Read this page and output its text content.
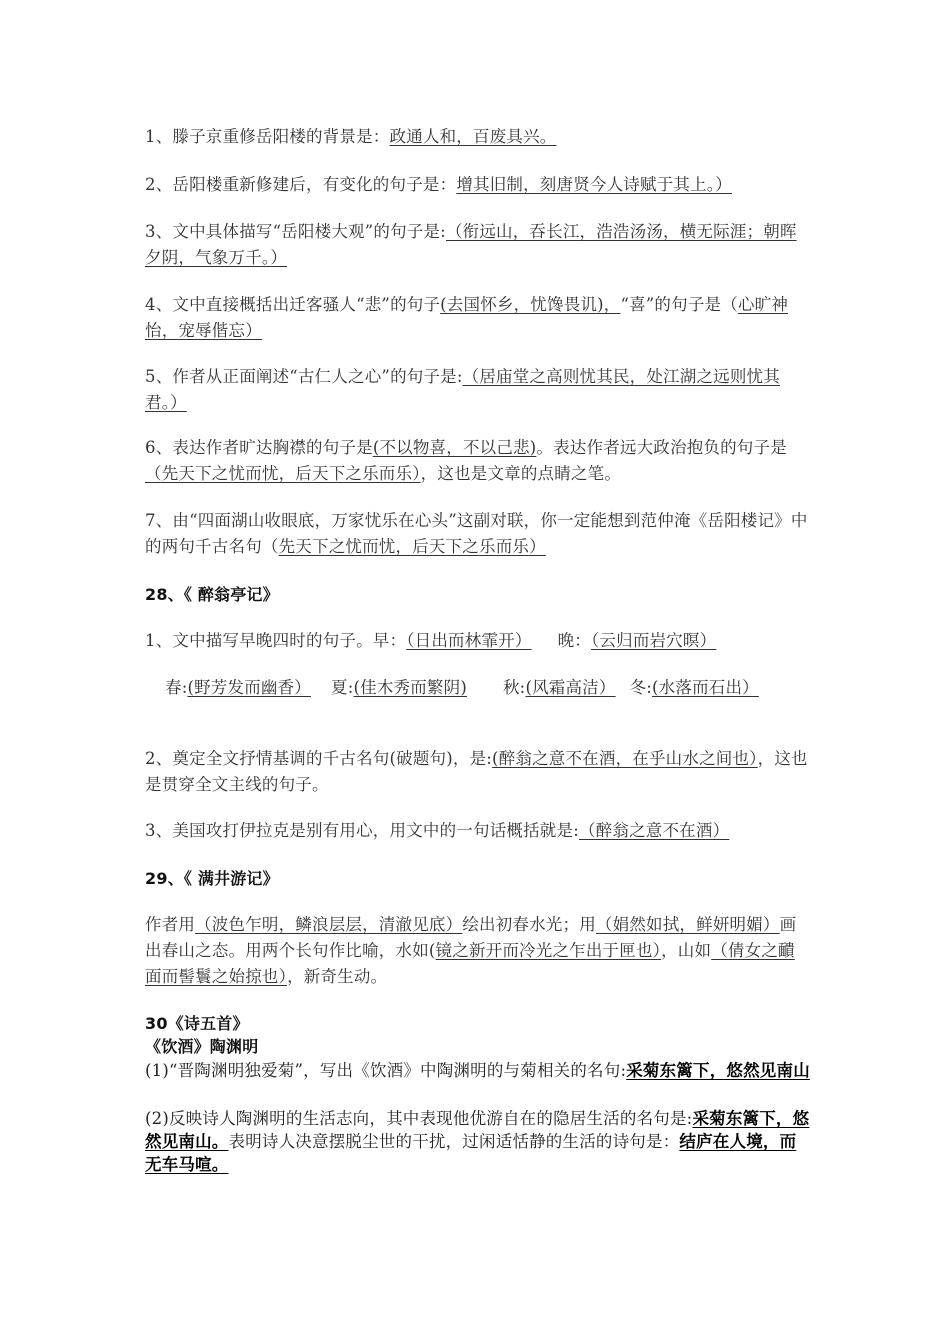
1、滕子京重修岳阳楼的背景是：政通人和，百废具兴。

2、岳阳楼重新修建后，有变化的句子是：增其旧制，刻唐贤今人诗赋于其上。）

3、文中具体描写“岳阳楼大观”的句子是:（衔远山，吞长江，浩浩汤汤，横无际涯；朝晖夕阴，气象万千。）

4、文中直接概括出迁客骚人“悲”的句子(去国怀乡，忧馋畏讥)，“喜”的句子是（心旷神怡，宠辱偕忘）

5、作者从正面阐述“古仁人之心”的句子是:（居庙堂之高则忧其民，处江湖之远则忧其君。）

6、表达作者旷达胸襟的句子是(不以物喜，不以己悲)。表达作者远大政治抱负的句子是（先天下之忧而忧，后天下之乐而乐），这也是文章的点睛之笔。

7、由“四面湖山收眼底，万家忧乐在心头”这副对联，你一定能想到范仲淹《岳阳楼记》中的两句千古名句（先天下之忧而忧，后天下之乐而乐）

28、《 醉翁亭记》

1、文中描写早晚四时的句子。早：（日出而林霏开） 晚：（云归而岩穴暝）

春:(野芳发而幽香） 夏:(佳木秀而繁阴) 秋:(风霜高洁） 冬:(水落而石出）

2、奠定全文抒情基调的千古名句(破题句)，是:(醉翁之意不在酒，在乎山水之间也），这也是贯穿全文主线的句子。

3、美国攻打伊拉克是别有用心，用文中的一句话概括就是:（醉翁之意不在酒）

29、《 满井游记》

作者用（波色乍明，鳞浪层层，清澈见底）绘出初春水光；用（娟然如拭，鲜妍明媚）画出春山之态。用两个长句作比喻，水如(镜之新开而冷光之乍出于匣也），山如（倩女之靧面而髻鬟之始掠也），新奇生动。

30《诗五首》

《饮酒》陶渊明

(1)“晋陶渊明独爱菊”，写出《饮酒》中陶渊明的与菊相关的名句:采菊东篱下，悠然见南山

(2)反映诗人陶渊明的生活志向，其中表现他优游自在的隐居生活的名句是:采菊东篱下，悠然见南山。表明诗人决意摆脱尘世的干扰，过闲适恬静的生活的诗句是：结庐在人境，而无车马喧。
